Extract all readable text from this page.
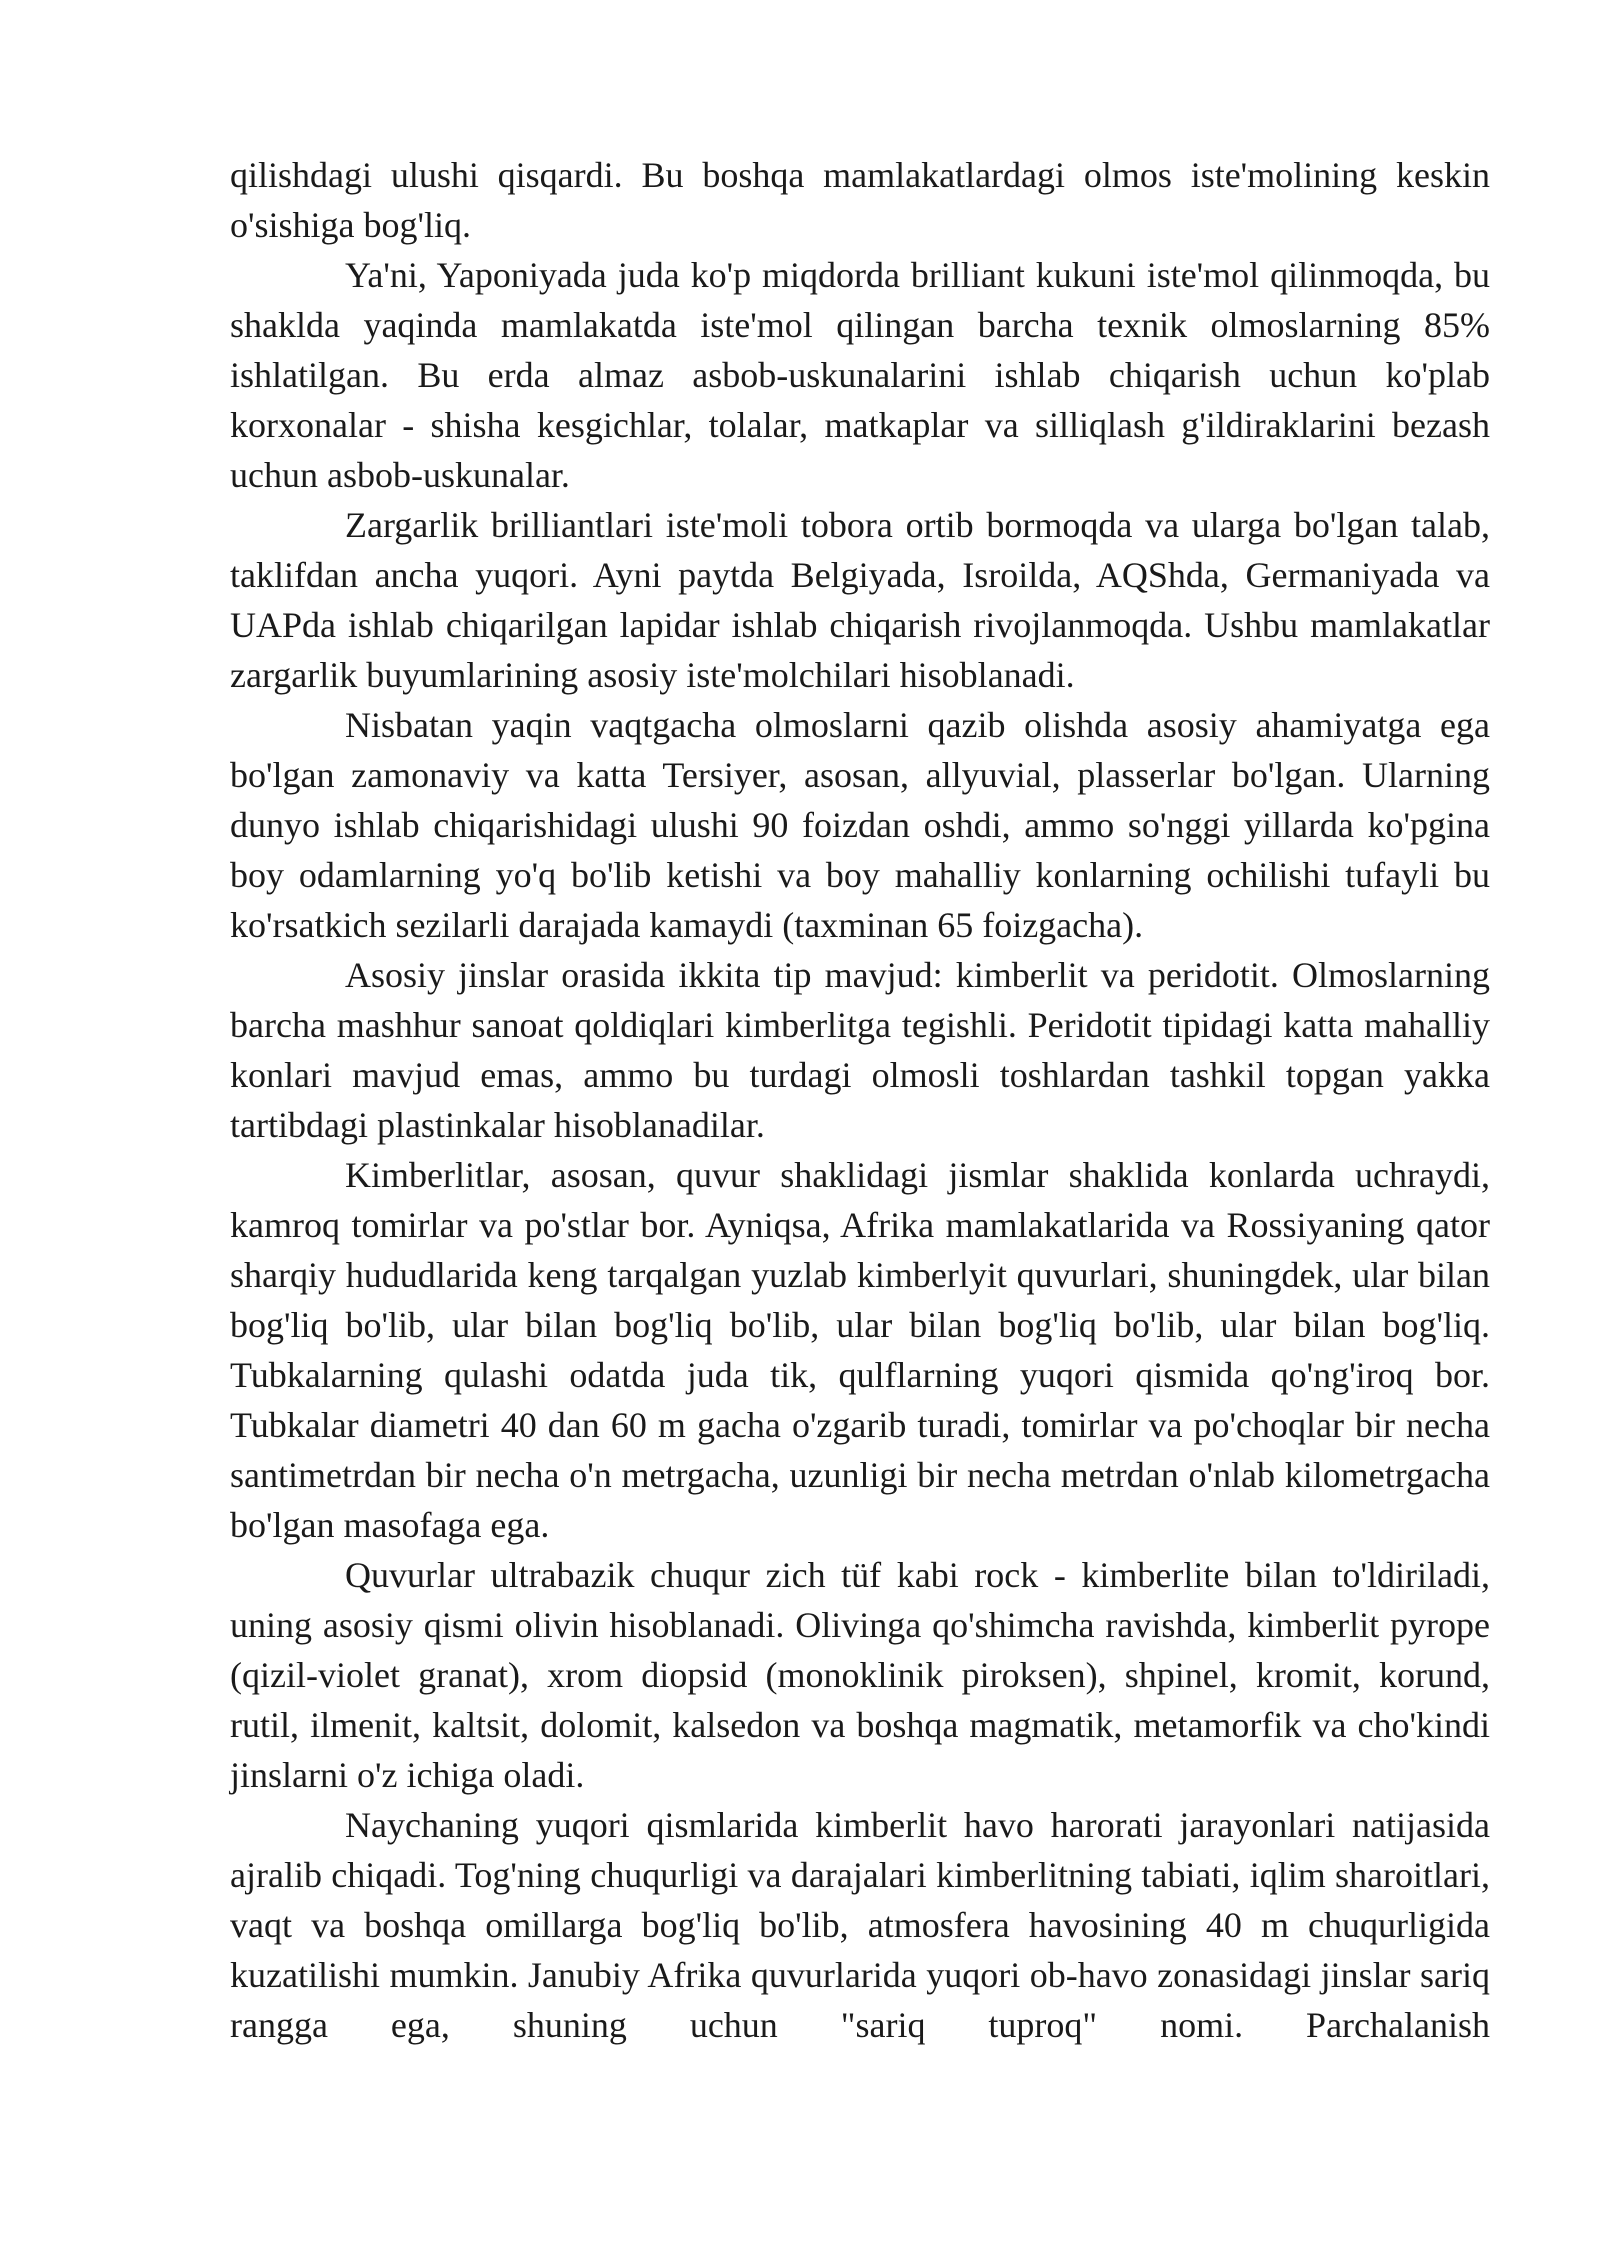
qilishdagi ulushi qisqardi. Bu boshqa mamlakatlardagi olmos iste'molining keskin o'sishiga bog'liq.

Ya'ni, Yaponiyada juda ko'p miqdorda brilliant kukuni iste'mol qilinmoqda, bu shaklda yaqinda mamlakatda iste'mol qilingan barcha texnik olmoslarning 85% ishlatilgan. Bu erda almaz asbob-uskunalarini ishlab chiqarish uchun ko'plab korxonalar - shisha kesgichlar, tolalar, matkaplar va silliqlash g'ildiraklarini bezash uchun asbob-uskunalar.

Zargarlik brilliantlari iste'moli tobora ortib bormoqda va ularga bo'lgan talab, taklifdan ancha yuqori. Ayni paytda Belgiyada, Isroilda, AQShda, Germaniyada va UAPda ishlab chiqarilgan lapidar ishlab chiqarish rivojlanmoqda. Ushbu mamlakatlar zargarlik buyumlarining asosiy iste'molchilari hisoblanadi.

Nisbatan yaqin vaqtgacha olmoslarni qazib olishda asosiy ahamiyatga ega bo'lgan zamonaviy va katta Tersiyer, asosan, allyuvial, plasserlar bo'lgan. Ularning dunyo ishlab chiqarishidagi ulushi 90 foizdan oshdi, ammo so'nggi yillarda ko'pgina boy odamlarning yo'q bo'lib ketishi va boy mahalliy konlarning ochilishi tufayli bu ko'rsatkich sezilarli darajada kamaydi (taxminan 65 foizgacha).

Asosiy jinslar orasida ikkita tip mavjud: kimberlit va peridotit. Olmoslarning barcha mashhur sanoat qoldiqlari kimberlitga tegishli. Peridotit tipidagi katta mahalliy konlari mavjud emas, ammo bu turdagi olmosli toshlardan tashkil topgan yakka tartibdagi plastinkalar hisoblanadilar.

Kimberlitlar, asosan, quvur shaklidagi jismlar shaklida konlarda uchraydi, kamroq tomirlar va po'stlar bor. Ayniqsa, Afrika mamlakatlarida va Rossiyaning qator sharqiy hududlarida keng tarqalgan yuzlab kimberlyit quvurlari, shuningdek, ular bilan bog'liq bo'lib, ular bilan bog'liq bo'lib, ular bilan bog'liq bo'lib, ular bilan bog'liq. Tubkalarning qulashi odatda juda tik, qulflarning yuqori qismida qo'ng'iroq bor. Tubkalar diametri 40 dan 60 m gacha o'zgarib turadi, tomirlar va po'choqlar bir necha santimetrdan bir necha o'n metrgacha, uzunligi bir necha metrdan o'nlab kilometrgacha bo'lgan masofaga ega.

Quvurlar ultrabazik chuqur zich tüf kabi rock - kimberlite bilan to'ldiriladi, uning asosiy qismi olivin hisoblanadi. Olivinga qo'shimcha ravishda, kimberlit pyrope (qizil-violet granat), xrom diopsid (monoklinik piroksen), shpinel, kromit, korund, rutil, ilmenit, kaltsit, dolomit, kalsedon va boshqa magmatik, metamorfik va cho'kindi jinslarni o'z ichiga oladi.

Naychaning yuqori qismlarida kimberlit havo harorati jarayonlari natijasida ajralib chiqadi. Tog'ning chuqurligi va darajalari kimberlitning tabiati, iqlim sharoitlari, vaqt va boshqa omillarga bog'liq bo'lib, atmosfera havosining 40 m chuqurligida kuzatilishi mumkin. Janubiy Afrika quvurlarida yuqori ob-havo zonasidagi jinslar sariq rangga ega, shuning uchun "sariq tuproq" nomi. Parchalanish
